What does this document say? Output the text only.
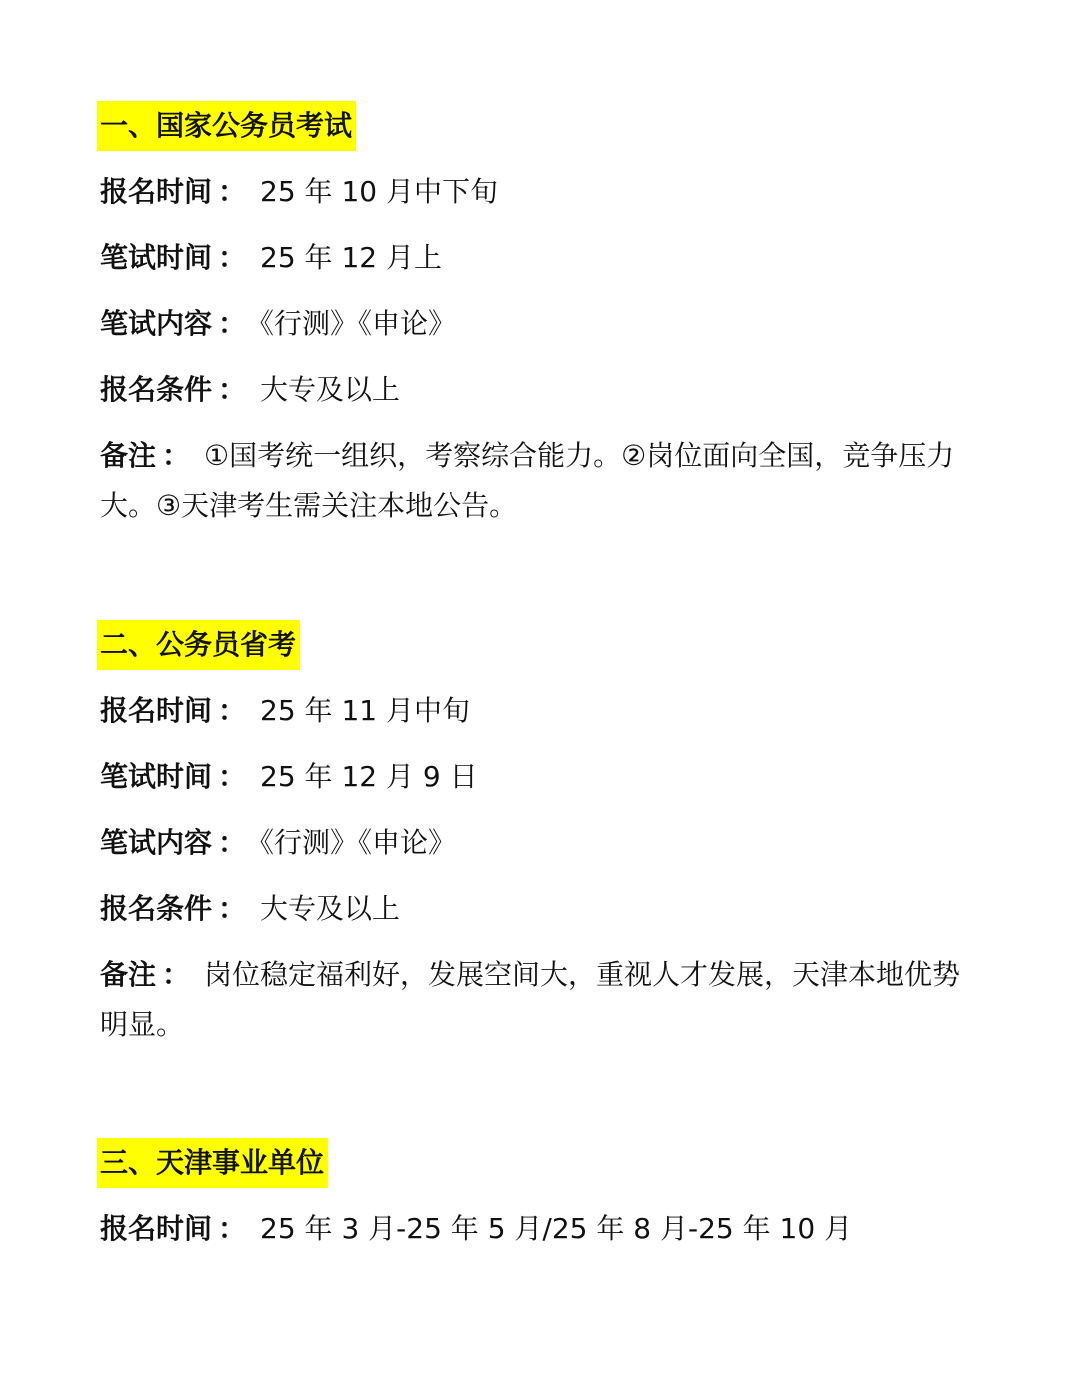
一、国家公务员考试
报名时间 ： 25 年 10 月中下旬
笔试时间 ： 25 年 12 月上
笔试内容 ： 《行测》《申论》
报名条件 ： 大专及以上
备注 ： ①国考统一组织，考察综合能力。②岗位面向全国，竞争压力大。③天津考生需关注本地公告。
二、公务员省考
报名时间 ： 25 年 11 月中旬
笔试时间 ： 25 年 12 月 9 日
笔试内容 ： 《行测》《申论》
报名条件 ： 大专及以上
备注 ： 岗位稳定福利好，发展空间大，重视人才发展，天津本地优势明显。
三、天津事业单位
报名时间 ： 25 年 3 月-25 年 5 月/25 年 8 月-25 年 10 月
